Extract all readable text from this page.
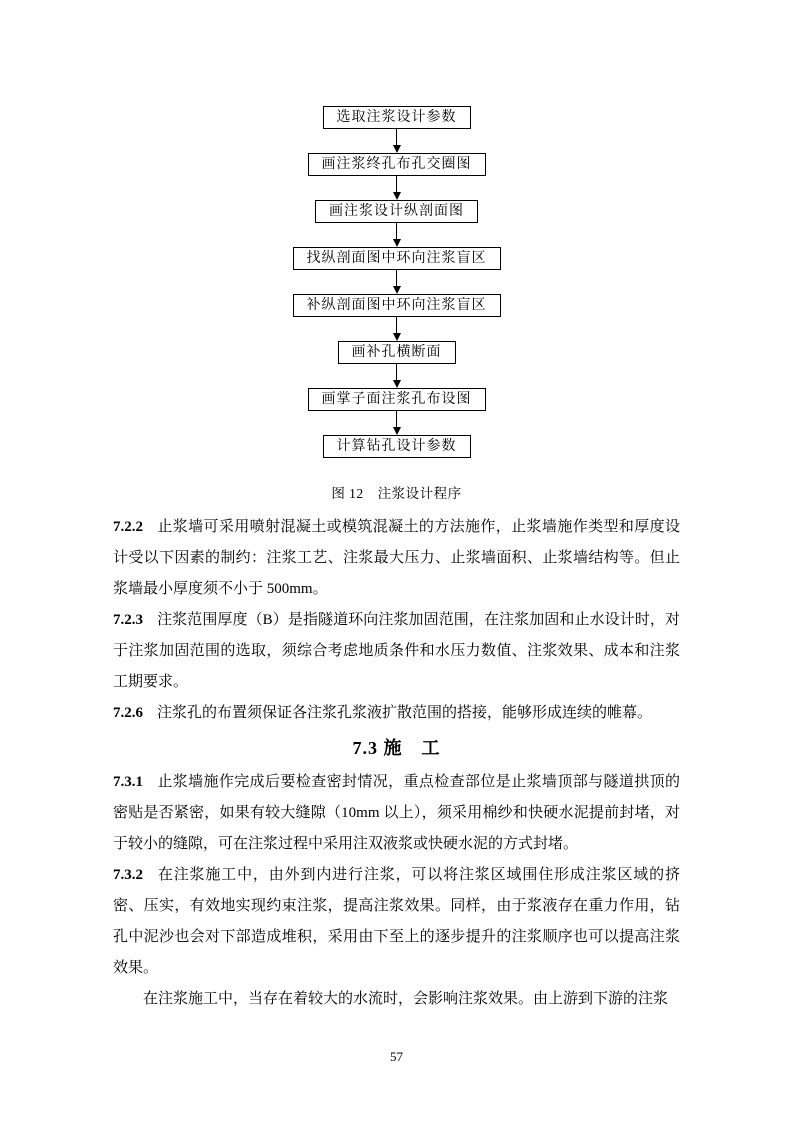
选取注浆设计参数
画注浆终孔布孔交圈图
画注浆设计纵剖面图
找纵剖面图中环向注浆盲区
补纵剖面图中环向注浆盲区
画补孔横断面
画掌子面注浆孔布设图
计算钻孔设计参数
图 12　注浆设计程序

7.2.2 止浆墙可采用喷射混凝土或模筑混凝土的方法施作，止浆墙施作类型和厚度设计受以下因素的制约：注浆工艺、注浆最大压力、止浆墙面积、止浆墙结构等。但止浆墙最小厚度须不小于 500mm。

7.2.3 注浆范围厚度（B）是指隧道环向注浆加固范围，在注浆加固和止水设计时，对于注浆加固范围的选取，须综合考虑地质条件和水压力数值、注浆效果、成本和注浆工期要求。

7.2.6 注浆孔的布置须保证各注浆孔浆液扩散范围的搭接，能够形成连续的帷幕。

7.3 施　工

7.3.1 止浆墙施作完成后要检查密封情况，重点检查部位是止浆墙顶部与隧道拱顶的密贴是否紧密，如果有较大缝隙（10mm 以上），须采用棉纱和快硬水泥提前封堵，对于较小的缝隙，可在注浆过程中采用注双液浆或快硬水泥的方式封堵。

7.3.2 在注浆施工中，由外到内进行注浆，可以将注浆区域围住形成注浆区域的挤密、压实，有效地实现约束注浆，提高注浆效果。同样，由于浆液存在重力作用，钻孔中泥沙也会对下部造成堆积，采用由下至上的逐步提升的注浆顺序也可以提高注浆效果。

在注浆施工中，当存在着较大的水流时，会影响注浆效果。由上游到下游的注浆

57
